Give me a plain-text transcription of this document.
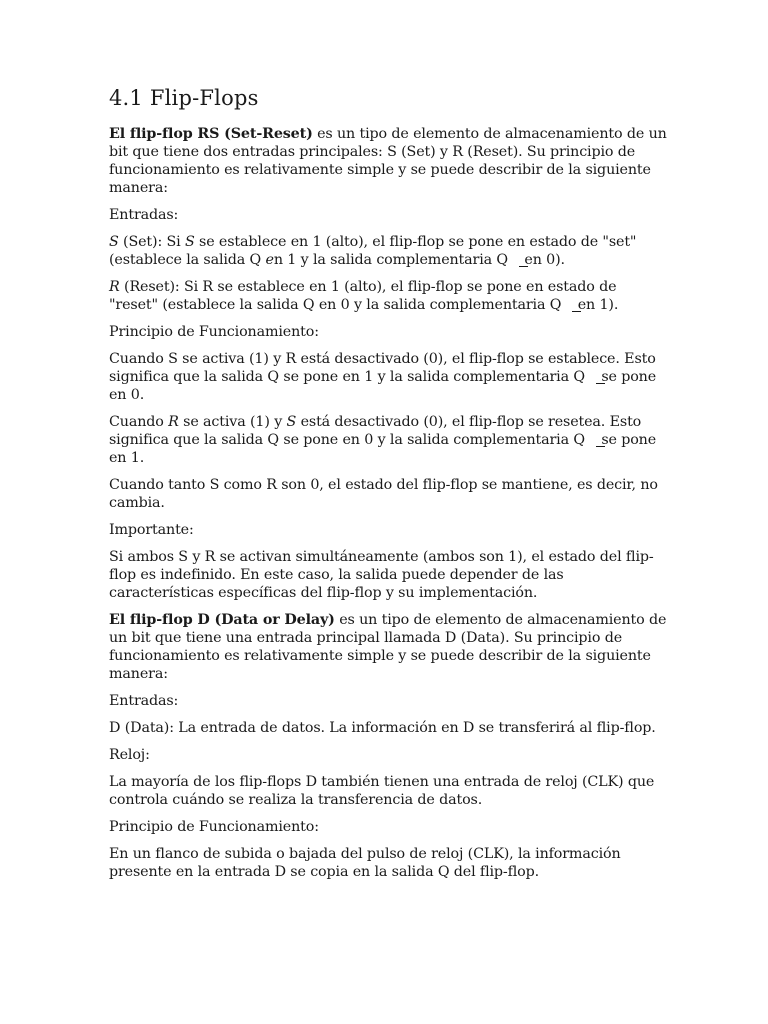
4.1 Flip-Flops

El flip-flop RS (Set-Reset) es un tipo de elemento de almacenamiento de un bit que tiene dos entradas principales: S (Set) y R (Reset). Su principio de funcionamiento es relativamente simple y se puede describir de la siguiente manera:

Entradas:

S (Set): Si S se establece en 1 (alto), el flip-flop se pone en estado de "set" (establece la salida Q en 1 y la salida complementaria Q en 0).

R (Reset): Si R se establece en 1 (alto), el flip-flop se pone en estado de "reset" (establece la salida Q en 0 y la salida complementaria Q en 1).

Principio de Funcionamiento:

Cuando S se activa (1) y R está desactivado (0), el flip-flop se establece. Esto significa que la salida Q se pone en 1 y la salida complementaria Q se pone en 0.

Cuando R se activa (1) y S está desactivado (0), el flip-flop se resetea. Esto significa que la salida Q se pone en 0 y la salida complementaria Q se pone en 1.

Cuando tanto S como R son 0, el estado del flip-flop se mantiene, es decir, no cambia.

Importante:

Si ambos S y R se activan simultáneamente (ambos son 1), el estado del flip-flop es indefinido. En este caso, la salida puede depender de las características específicas del flip-flop y su implementación.

El flip-flop D (Data or Delay) es un tipo de elemento de almacenamiento de un bit que tiene una entrada principal llamada D (Data). Su principio de funcionamiento es relativamente simple y se puede describir de la siguiente manera:

Entradas:

D (Data): La entrada de datos. La información en D se transferirá al flip-flop.

Reloj:

La mayoría de los flip-flops D también tienen una entrada de reloj (CLK) que controla cuándo se realiza la transferencia de datos.

Principio de Funcionamiento:

En un flanco de subida o bajada del pulso de reloj (CLK), la información presente en la entrada D se copia en la salida Q del flip-flop.
